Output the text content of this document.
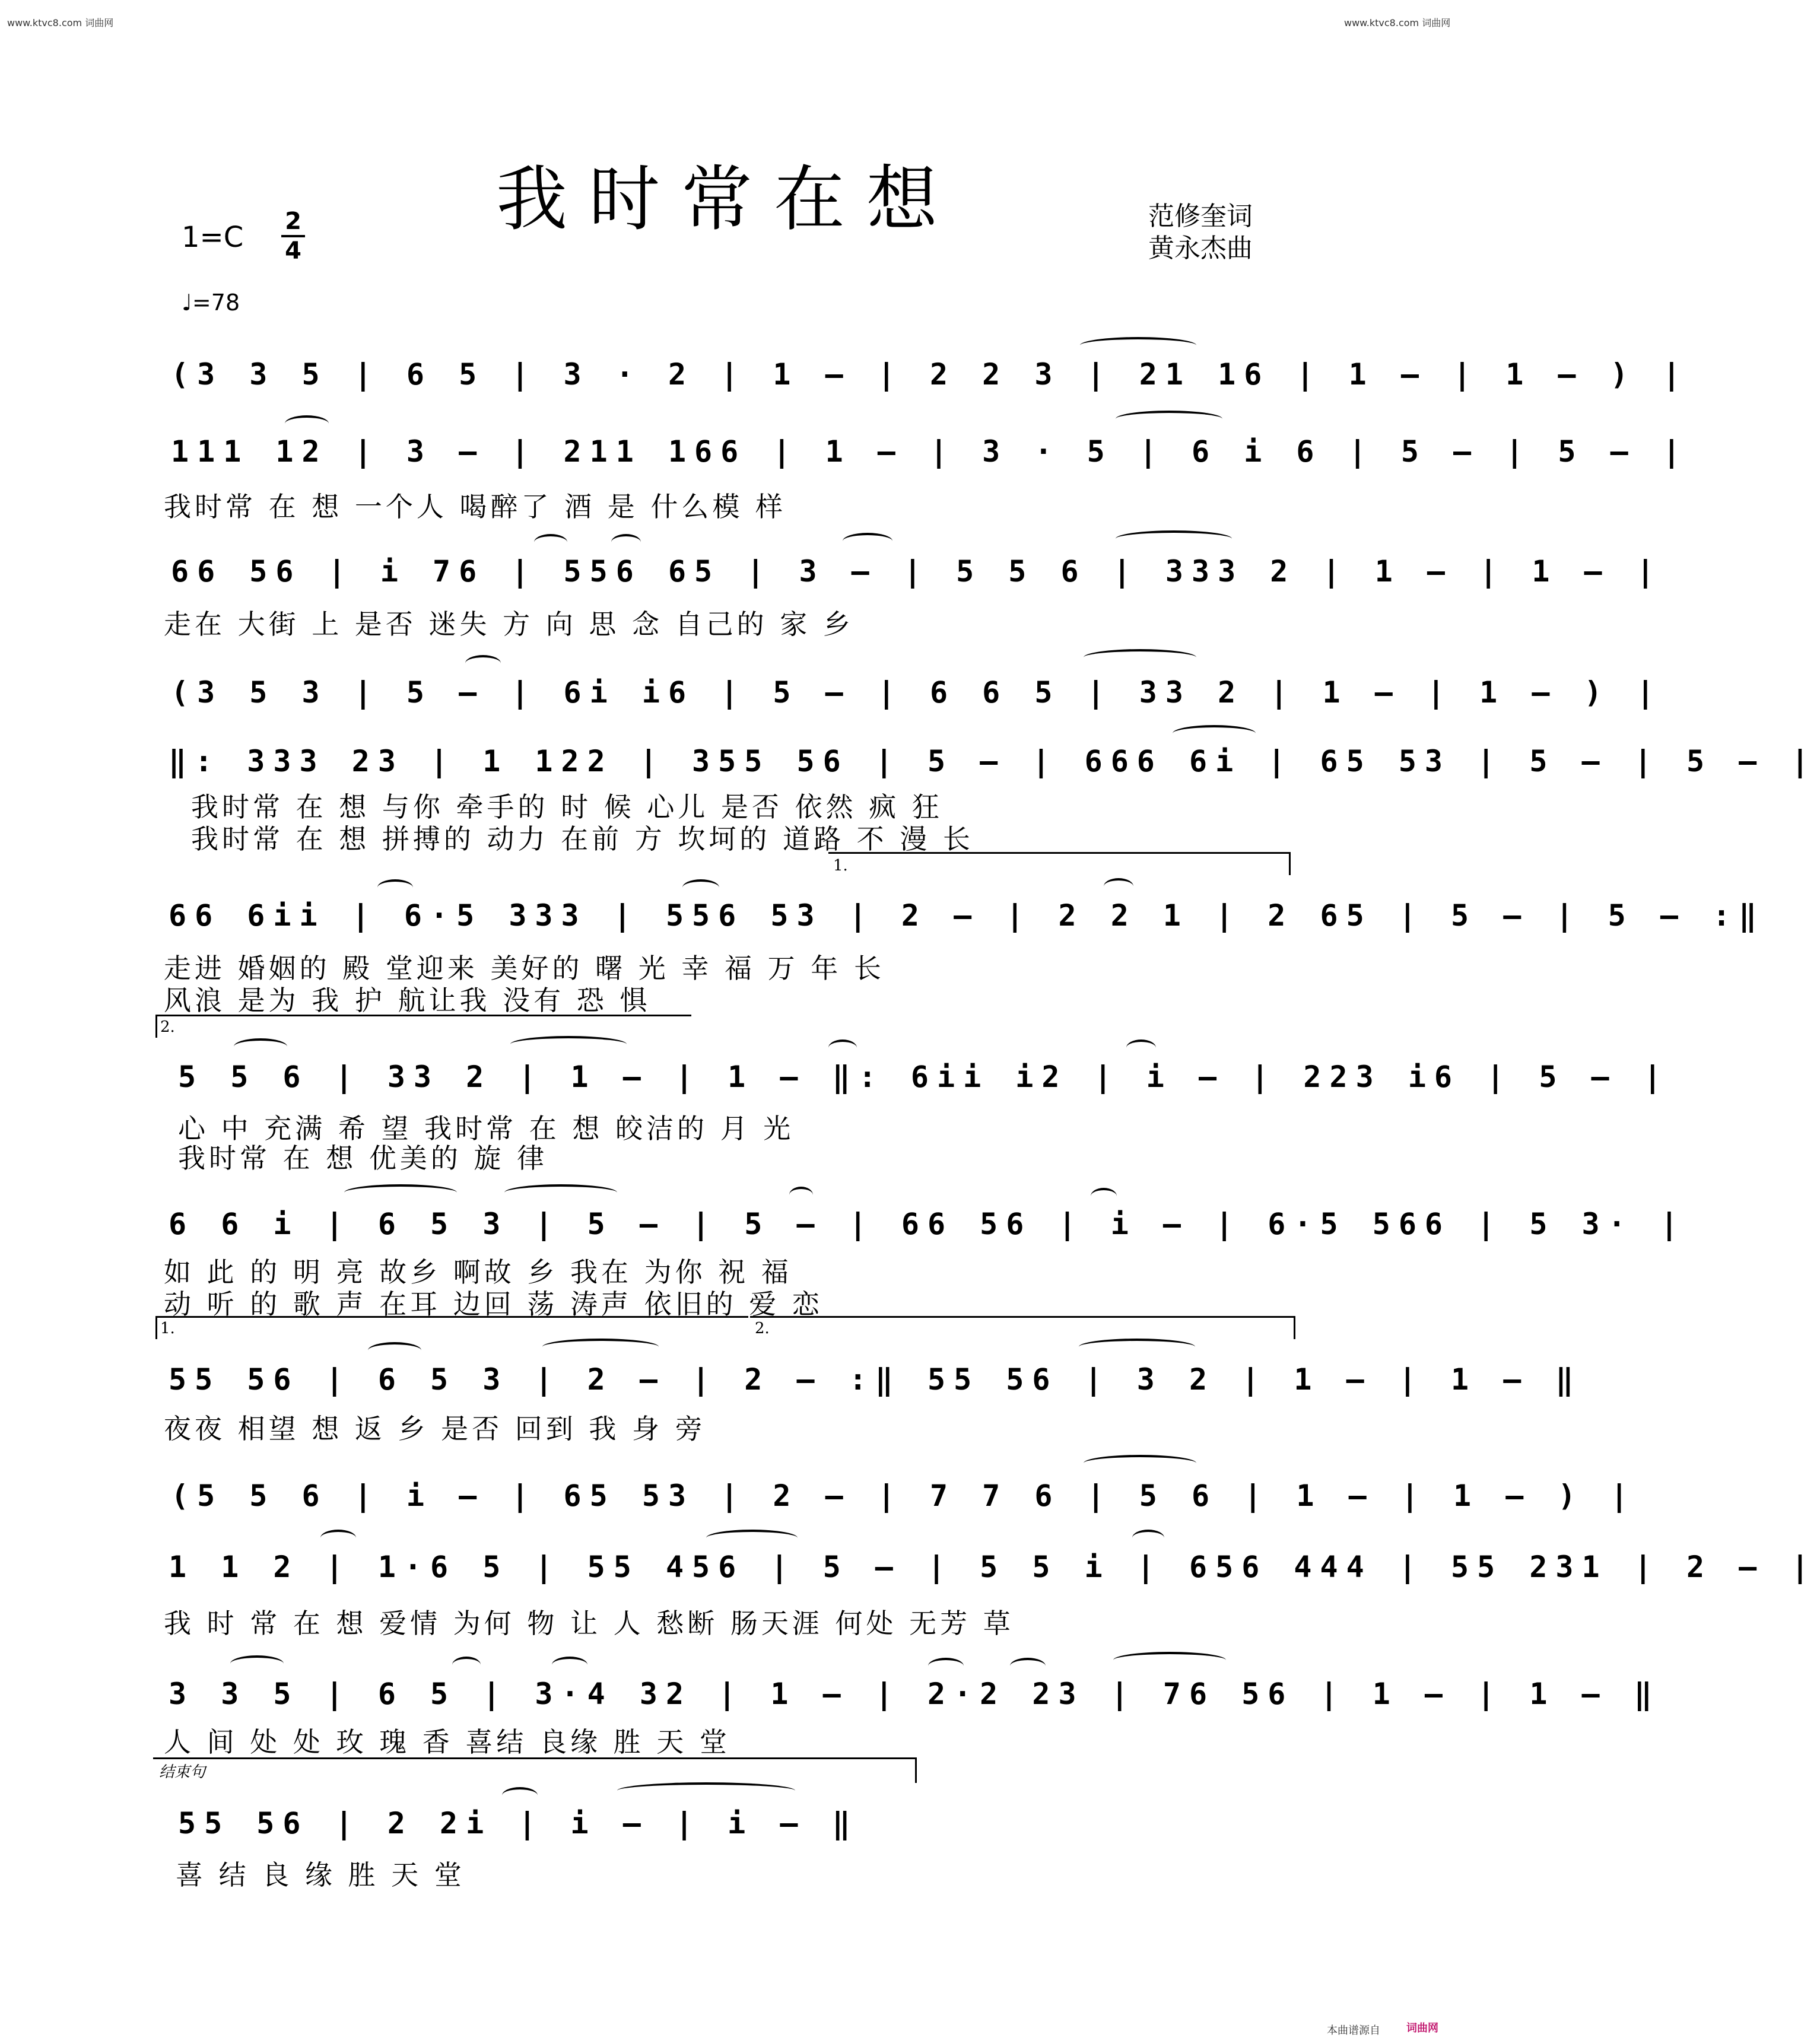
www.ktvc8.com 词曲网	www.ktvc8.com 词曲网
我时常在想	范修奎词
黄永杰曲
1=C 2
4
♩=78
(3 3 5 | 6 5 | 3 · 2 | 1 – | 2 2 3 | 21 16 | 1 – | 1 – ) |
111 12 | 3 – | 211 166 | 1 – | 3 · 5 | 6 i 6 | 5 – | 5 – |
我时常 在 想 一个人 喝醉了 酒 是 什么模 样
66 56 | i 76 | 556 65 | 3 – | 5 5 6 | 333 2 | 1 – | 1 – |
走在 大街 上 是否 迷失 方 向 思 念 自己的 家 乡
(3 5 3 | 5 – | 6i i6 | 5 – | 6 6 5 | 33 2 | 1 – | 1 – ) |
‖: 333 23 | 1 122 | 355 56 | 5 – | 666 6i | 65 53 | 5 – | 5 – |
我时常 在 想 与你 牵手的 时 候 心儿 是否 依然 疯 狂
我时常 在 想 拼搏的 动力 在前 方 坎坷的 道路 不 漫 长
1.
66 6ii | 6·5 333 | 556 53 | 2 – | 2 2 1 | 2 65 | 5 – | 5 – :‖
走进 婚姻的 殿 堂迎来 美好的 曙 光 幸 福 万 年 长
风浪 是为 我 护 航让我 没有 恐 惧
2.
5 5 6 | 33 2 | 1 – | 1 – ‖: 6ii i2 | i – | 223 i6 | 5 – |
心 中 充满 希 望 我时常 在 想 皎洁的 月 光
我时常 在 想 优美的 旋 律
6 6 i | 6 5 3 | 5 – | 5 – | 66 56 | i – | 6·5 566 | 5 3· |
如 此 的 明 亮 故乡 啊故 乡 我在 为你 祝 福
动 听 的 歌 声 在耳 边回 荡 涛声 依旧的 爱 恋
1.	2.
55 56 | 6 5 3 | 2 – | 2 – :‖ 55 56 | 3 2 | 1 – | 1 – ‖
夜夜 相望 想 返 乡 是否 回到 我 身 旁
(5 5 6 | i – | 65 53 | 2 – | 7 7 6 | 5 6 | 1 – | 1 – ) |
1 1 2 | 1·6 5 | 55 456 | 5 – | 5 5 i | 656 444 | 55 231 | 2 – |
我 时 常 在 想 爱情 为何 物 让 人 愁断 肠天涯 何处 无芳 草
3 3 5 | 6 5 | 3·4 32 | 1 – | 2·2 23 | 76 56 | 1 – | 1 – ‖
人 间 处 处 玫 瑰 香 喜结 良缘 胜 天 堂
结束句
55 56 | 2 2i | i – | i – ‖
喜 结 良 缘 胜 天 堂
本曲谱源自 词曲网
